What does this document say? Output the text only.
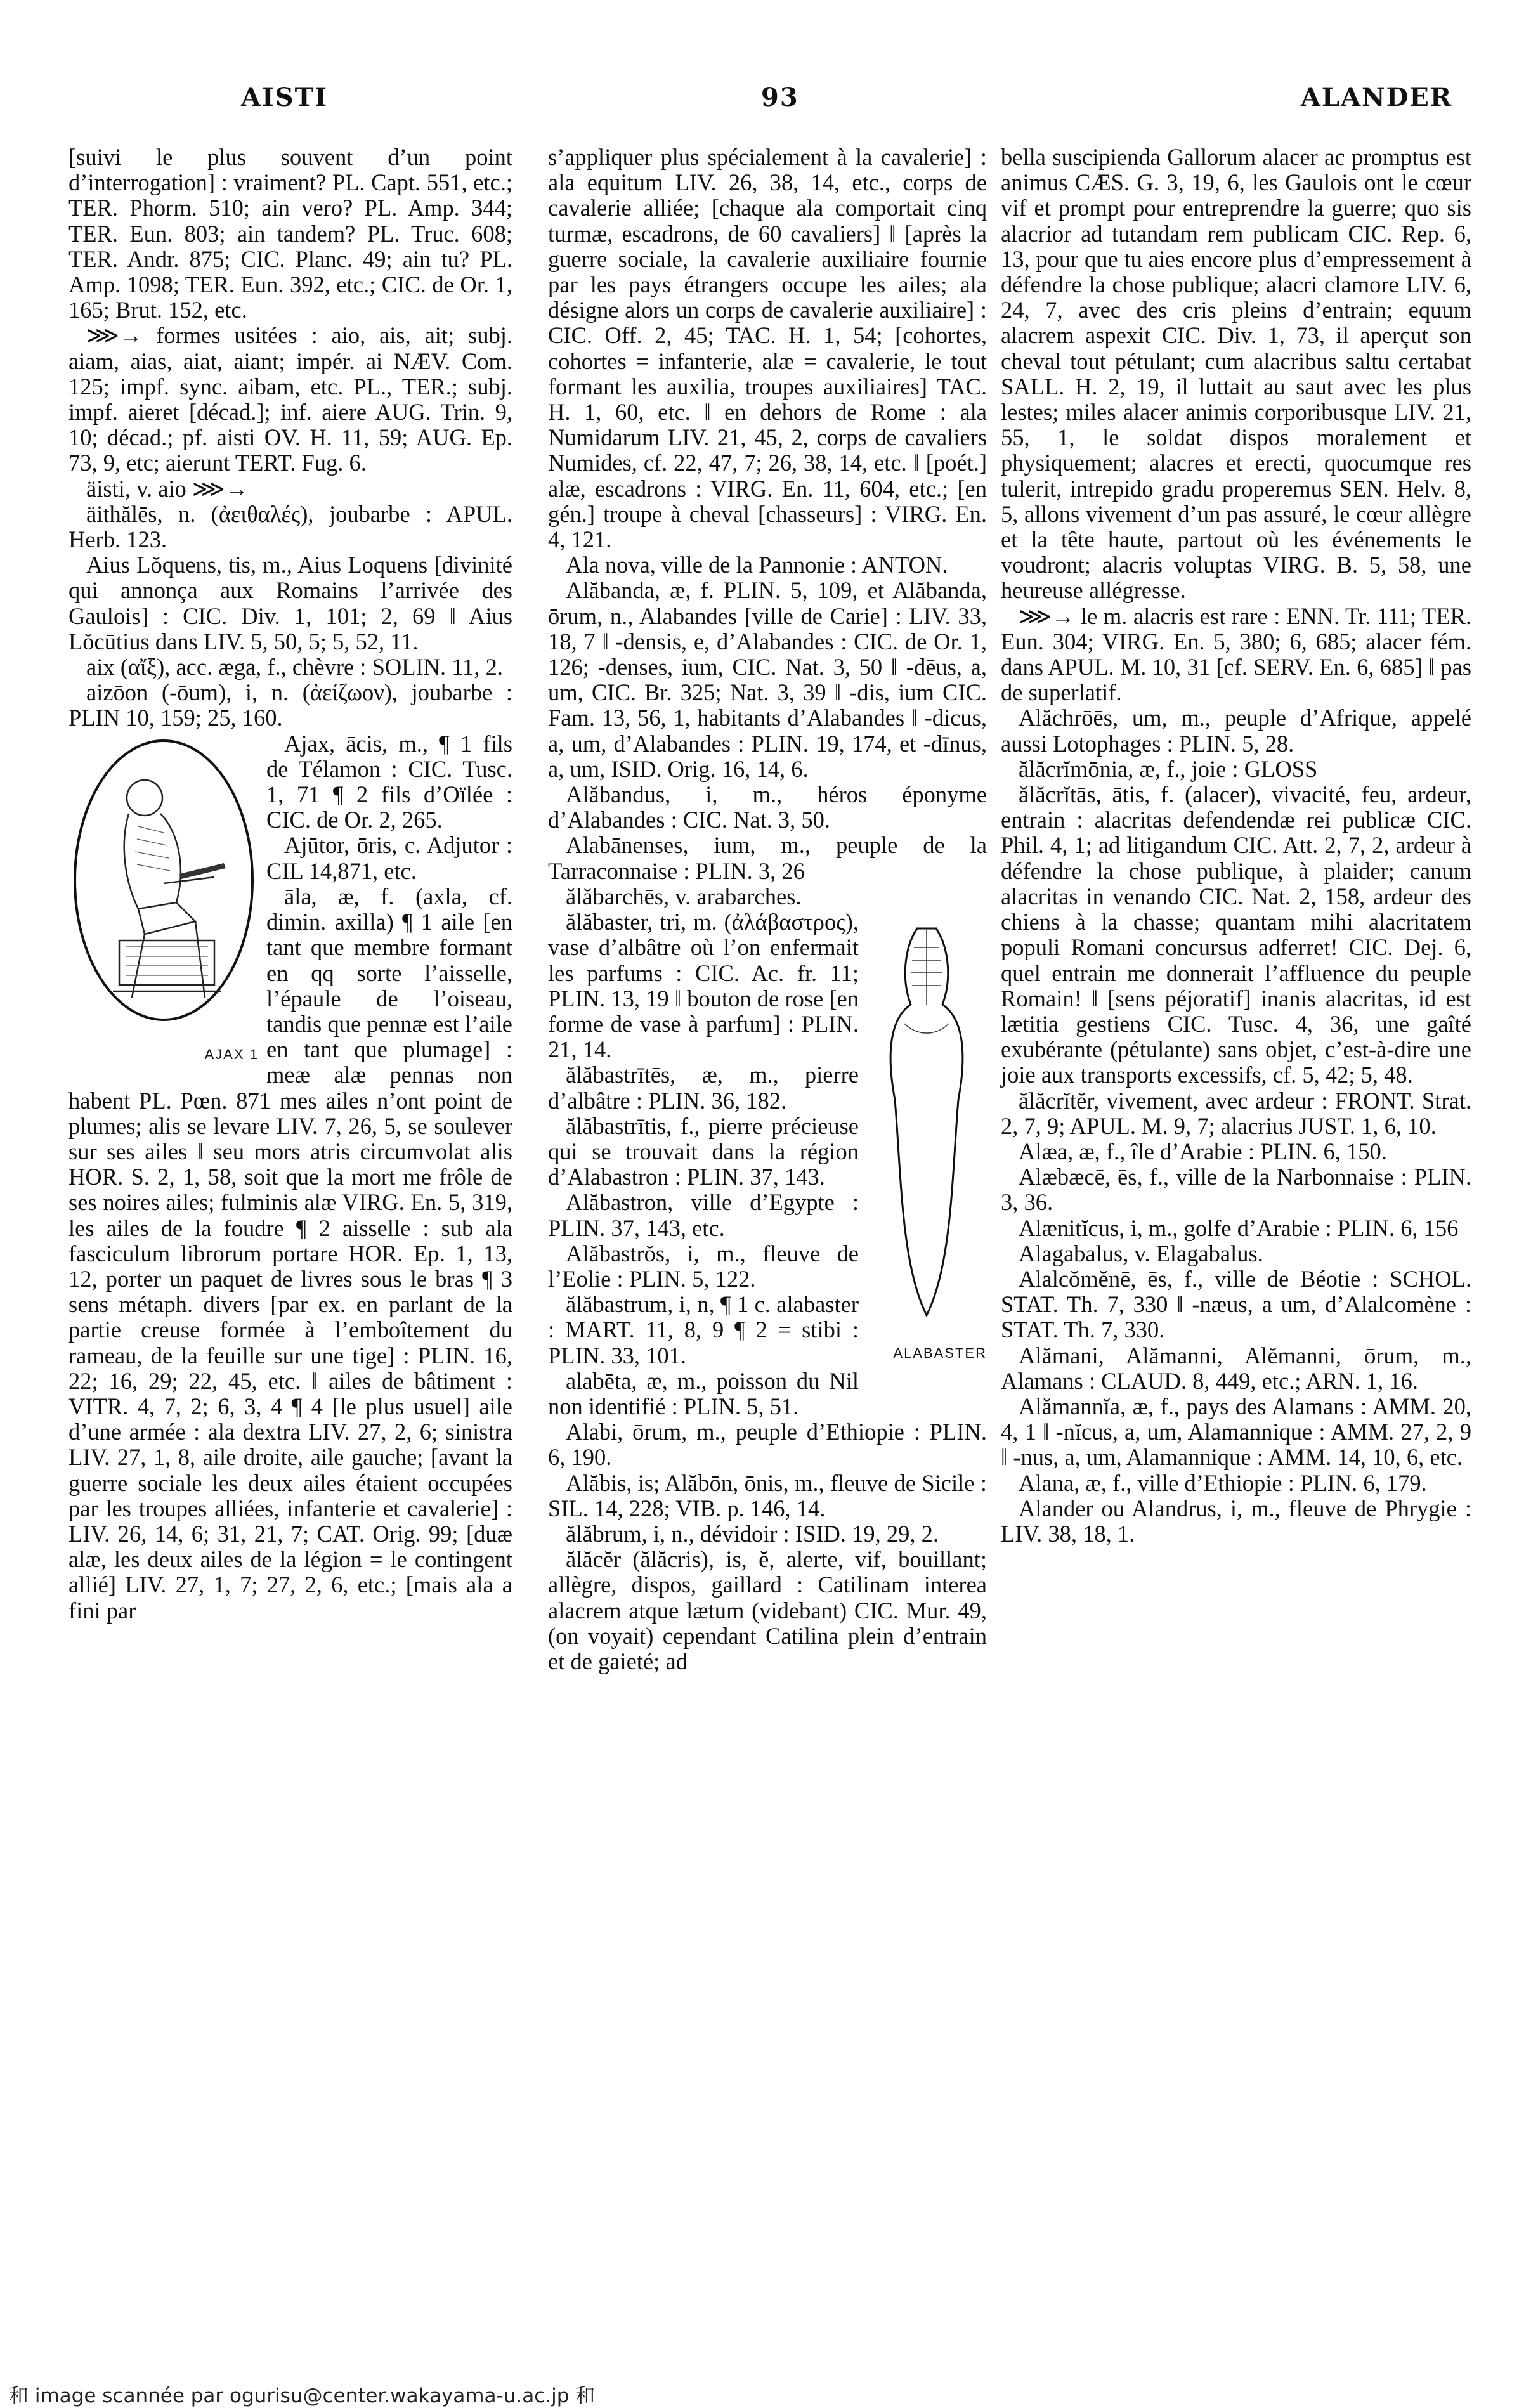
AISTI	93	ALANDER

[suivi le plus souvent d’un point d’interrogation] : vraiment? PL. Capt. 551, etc.; TER. Phorm. 510; ain vero? PL. Amp. 344; TER. Eun. 803; ain tandem? PL. Truc. 608; TER. Andr. 875; CIC. Planc. 49; ain tu? PL. Amp. 1098; TER. Eun. 392, etc.; CIC. de Or. 1, 165; Brut. 152, etc.

⋙→ formes usitées : aio, ais, ait; subj. aiam, aias, aiat, aiant; impér. ai NÆV. Com. 125; impf. sync. aibam, etc. PL., TER.; subj. impf. aieret [décad.]; inf. aiere AUG. Trin. 9, 10; décad.; pf. aisti OV. H. 11, 59; AUG. Ep. 73, 9, etc; aierunt TERT. Fug. 6.

äisti, v. aio ⋙→

äithălēs, n. (ἀειθαλές), joubarbe : APUL. Herb. 123.

Aius Lŏquens, tis, m., Aius Loquens [divinité qui annonça aux Romains l’arrivée des Gaulois] : CIC. Div. 1, 101; 2, 69 ‖ Aius Lŏcūtius dans LIV. 5, 50, 5; 5, 52, 11.

aix (αἴξ), acc. æga, f., chèvre : SOLIN. 11, 2.

aizōon (-ōum), i, n. (ἀείζωον), joubarbe : PLIN 10, 159; 25, 160.

AJAX 1

Ajax, ācis, m., ¶ 1 fils de Télamon : CIC. Tusc. 1, 71 ¶ 2 fils d’Oïlée : CIC. de Or. 2, 265.

Ajūtor, ōris, c. Adjutor : CIL 14,871, etc.

āla, æ, f. (axla, cf. dimin. axilla) ¶ 1 aile [en tant que membre formant en qq sorte l’aisselle, l’épaule de l’oiseau, tandis que pennæ est l’aile en tant que plumage] : meæ alæ pennas non habent PL. Pœn. 871 mes ailes n’ont point de plumes; alis se levare LIV. 7, 26, 5, se soulever sur ses ailes ‖ seu mors atris circumvolat alis HOR. S. 2, 1, 58, soit que la mort me frôle de ses noires ailes; fulminis alæ VIRG. En. 5, 319, les ailes de la foudre ¶ 2 aisselle : sub ala fasciculum librorum portare HOR. Ep. 1, 13, 12, porter un paquet de livres sous le bras ¶ 3 sens métaph. divers [par ex. en parlant de la partie creuse formée à l’emboîtement du rameau, de la feuille sur une tige] : PLIN. 16, 22; 16, 29; 22, 45, etc. ‖ ailes de bâtiment : VITR. 4, 7, 2; 6, 3, 4 ¶ 4 [le plus usuel] aile d’une armée : ala dextra LIV. 27, 2, 6; sinistra LIV. 27, 1, 8, aile droite, aile gauche; [avant la guerre sociale les deux ailes étaient occupées par les troupes alliées, infanterie et cavalerie] : LIV. 26, 14, 6; 31, 21, 7; CAT. Orig. 99; [duæ alæ, les deux ailes de la légion = le contingent allié] LIV. 27, 1, 7; 27, 2, 6, etc.; [mais ala a fini par

s’appliquer plus spécialement à la cavalerie] : ala equitum LIV. 26, 38, 14, etc., corps de cavalerie alliée; [chaque ala comportait cinq turmæ, escadrons, de 60 cavaliers] ‖ [après la guerre sociale, la cavalerie auxiliaire fournie par les pays étrangers occupe les ailes; ala désigne alors un corps de cavalerie auxiliaire] : CIC. Off. 2, 45; TAC. H. 1, 54; [cohortes, cohortes = infanterie, alæ = cavalerie, le tout formant les auxilia, troupes auxiliaires] TAC. H. 1, 60, etc. ‖ en dehors de Rome : ala Numidarum LIV. 21, 45, 2, corps de cavaliers Numides, cf. 22, 47, 7; 26, 38, 14, etc. ‖ [poét.] alæ, escadrons : VIRG. En. 11, 604, etc.; [en gén.] troupe à cheval [chasseurs] : VIRG. En. 4, 121.

Ala nova, ville de la Pannonie : ANTON.

Alăbanda, æ, f. PLIN. 5, 109, et Alăbanda, ōrum, n., Alabandes [ville de Carie] : LIV. 33, 18, 7 ‖ -densis, e, d’Alabandes : CIC. de Or. 1, 126; -denses, ium, CIC. Nat. 3, 50 ‖ -dēus, a, um, CIC. Br. 325; Nat. 3, 39 ‖ -dis, ium CIC. Fam. 13, 56, 1, habitants d’Alabandes ‖ -dicus, a, um, d’Alabandes : PLIN. 19, 174, et -dīnus, a, um, ISID. Orig. 16, 14, 6.

Alăbandus, i, m., héros éponyme d’Alabandes : CIC. Nat. 3, 50.

Alabānenses, ium, m., peuple de la Tarraconnaise : PLIN. 3, 26

ălăbarchēs, v. arabarches.

ALABASTER

ălăbaster, tri, m. (ἀλάβαστρος), vase d’albâtre où l’on enfermait les parfums : CIC. Ac. fr. 11; PLIN. 13, 19 ‖ bouton de rose [en forme de vase à parfum] : PLIN. 21, 14.

ălăbastrītēs, æ, m., pierre d’albâtre : PLIN. 36, 182.

ălăbastrītis, f., pierre précieuse qui se trouvait dans la région d’Alabastron : PLIN. 37, 143.

Alăbastron, ville d’Egypte : PLIN. 37, 143, etc.

Alăbastrŏs, i, m., fleuve de l’Eolie : PLIN. 5, 122.

ălăbastrum, i, n, ¶ 1 c. alabaster : MART. 11, 8, 9 ¶ 2 = stibi : PLIN. 33, 101.

alabēta, æ, m., poisson du Nil non identifié : PLIN. 5, 51.

Alabi, ōrum, m., peuple d’Ethiopie : PLIN. 6, 190.

Alăbis, is; Alăbōn, ōnis, m., fleuve de Sicile : SIL. 14, 228; VIB. p. 146, 14.

ălăbrum, i, n., dévidoir : ISID. 19, 29, 2.

ălăcĕr (ălăcris), is, ĕ, alerte, vif, bouillant; allègre, dispos, gaillard : Catilinam interea alacrem atque lætum (videbant) CIC. Mur. 49, (on voyait) cependant Catilina plein d’entrain et de gaieté; ad

bella suscipienda Gallorum alacer ac promptus est animus CÆS. G. 3, 19, 6, les Gaulois ont le cœur vif et prompt pour entreprendre la guerre; quo sis alacrior ad tutandam rem publicam CIC. Rep. 6, 13, pour que tu aies encore plus d’empressement à défendre la chose publique; alacri clamore LIV. 6, 24, 7, avec des cris pleins d’entrain; equum alacrem aspexit CIC. Div. 1, 73, il aperçut son cheval tout pétulant; cum alacribus saltu certabat SALL. H. 2, 19, il luttait au saut avec les plus lestes; miles alacer animis corporibusque LIV. 21, 55, 1, le soldat dispos moralement et physiquement; alacres et erecti, quocumque res tulerit, intrepido gradu properemus SEN. Helv. 8, 5, allons vivement d’un pas assuré, le cœur allègre et la tête haute, partout où les événements le voudront; alacris voluptas VIRG. B. 5, 58, une heureuse allégresse.

⋙→ le m. alacris est rare : ENN. Tr. 111; TER. Eun. 304; VIRG. En. 5, 380; 6, 685; alacer fém. dans APUL. M. 10, 31 [cf. SERV. En. 6, 685] ‖ pas de superlatif.

Alăchrōēs, um, m., peuple d’Afrique, appelé aussi Lotophages : PLIN. 5, 28.

ălăcrĭmōnia, æ, f., joie : GLOSS

ălăcrĭtās, ātis, f. (alacer), vivacité, feu, ardeur, entrain : alacritas defendendæ rei publicæ CIC. Phil. 4, 1; ad litigandum CIC. Att. 2, 7, 2, ardeur à défendre la chose publique, à plaider; canum alacritas in venando CIC. Nat. 2, 158, ardeur des chiens à la chasse; quantam mihi alacritatem populi Romani concursus adferret! CIC. Dej. 6, quel entrain me donnerait l’affluence du peuple Romain! ‖ [sens péjoratif] inanis alacritas, id est lætitia gestiens CIC. Tusc. 4, 36, une gaîté exubérante (pétulante) sans objet, c’est-à-dire une joie aux transports excessifs, cf. 5, 42; 5, 48.

ălăcrĭtĕr, vivement, avec ardeur : FRONT. Strat. 2, 7, 9; APUL. M. 9, 7; alacrius JUST. 1, 6, 10.

Alæa, æ, f., île d’Arabie : PLIN. 6, 150.

Alæbæcē, ēs, f., ville de la Narbonnaise : PLIN. 3, 36.

Alænitĭcus, i, m., golfe d’Arabie : PLIN. 6, 156

Alagabalus, v. Elagabalus.

Alalcŏmĕnē, ēs, f., ville de Béotie : SCHOL. STAT. Th. 7, 330 ‖ -næus, a um, d’Alalcomène : STAT. Th. 7, 330.

Alămani, Alămanni, Alĕmanni, ōrum, m., Alamans : CLAUD. 8, 449, etc.; ARN. 1, 16.

Alămannĭa, æ, f., pays des Alamans : AMM. 20, 4, 1 ‖ -nĭcus, a, um, Alamannique : AMM. 27, 2, 9 ‖ -nus, a, um, Alamannique : AMM. 14, 10, 6, etc.

Alana, æ, f., ville d’Ethiopie : PLIN. 6, 179.

Alander ou Alandrus, i, m., fleuve de Phrygie : LIV. 38, 18, 1.

和 image scannée par ogurisu@center.wakayama-u.ac.jp 和
